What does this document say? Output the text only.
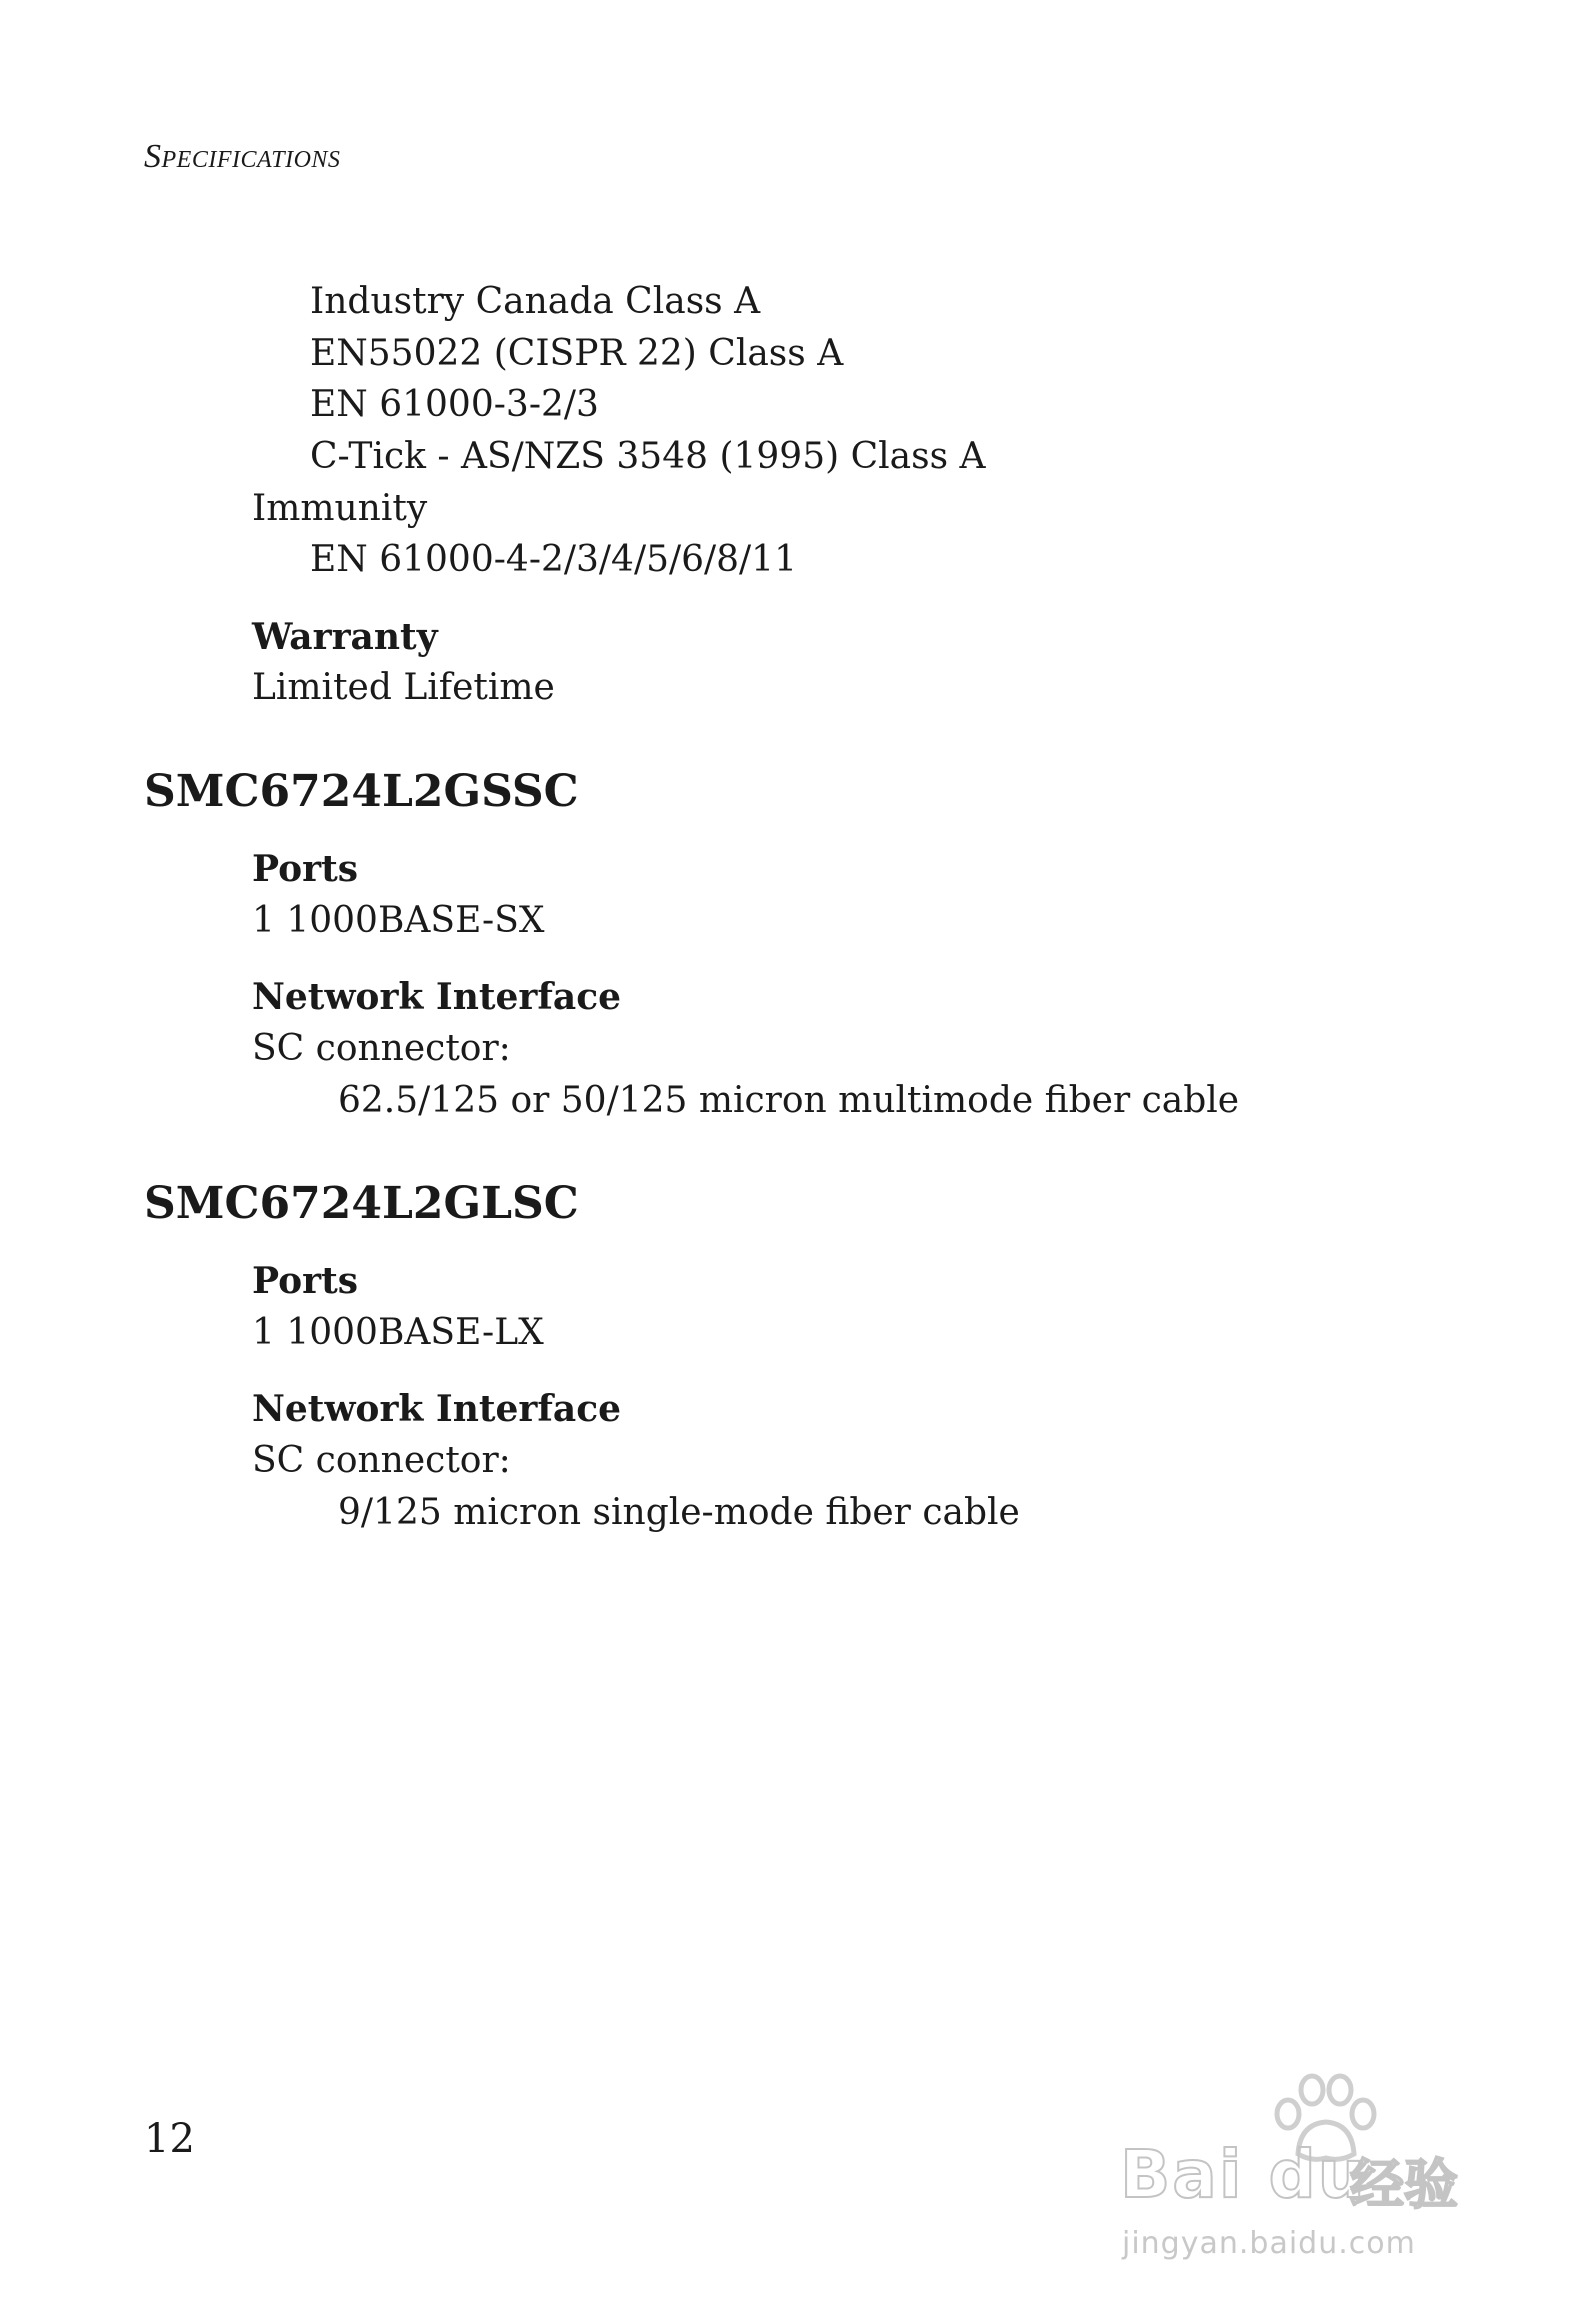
Specifications
Industry Canada Class A
EN55022 (CISPR 22) Class A
EN 61000-3-2/3
C-Tick - AS/NZS 3548 (1995) Class A
Immunity
EN 61000-4-2/3/4/5/6/8/11
Warranty
Limited Lifetime
SMC6724L2GSSC
Ports
1 1000BASE-SX
Network Interface
SC connector:
62.5/125 or 50/125 micron multimode fiber cable
SMC6724L2GLSC
Ports
1 1000BASE-LX
Network Interface
SC connector:
9/125 micron single-mode fiber cable
12	Bai du
经验
jingyan.baidu.com
